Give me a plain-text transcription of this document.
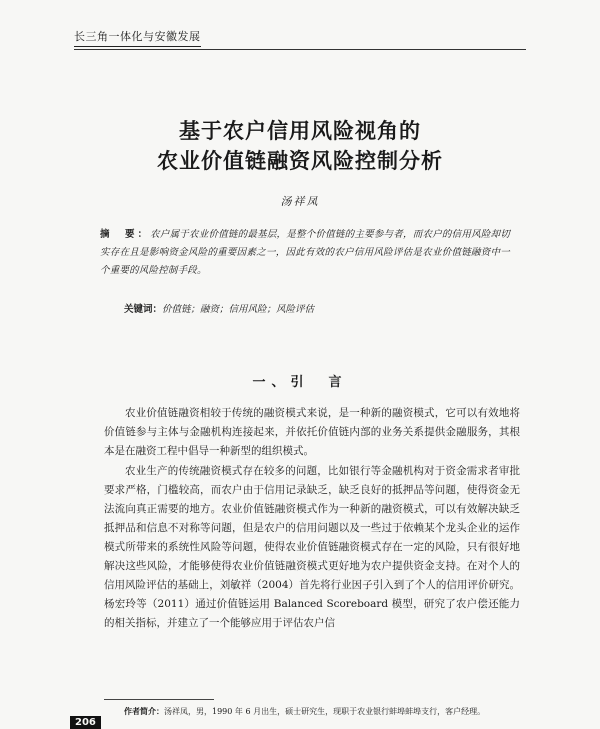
长三角一体化与安徽发展
基于农户信用风险视角的
农业价值链融资风险控制分析
汤祥凤
摘　要：农户属于农业价值链的最基层，是整个价值链的主要参与者，而农户的信用风险却切实存在且是影响资金风险的重要因素之一，因此有效的农户信用风险评估是农业价值链融资中一个重要的风险控制手段。
关键词：价值链；融资；信用风险；风险评估
一、引　言

农业价值链融资相较于传统的融资模式来说，是一种新的融资模式，它可以有效地将价值链参与主体与金融机构连接起来，并依托价值链内部的业务关系提供金融服务，其根本是在融资工程中倡导一种新型的组织模式。

农业生产的传统融资模式存在较多的问题，比如银行等金融机构对于资金需求者审批要求严格，门槛较高，而农户由于信用记录缺乏，缺乏良好的抵押品等问题，使得资金无法流向真正需要的地方。农业价值链融资模式作为一种新的融资模式，可以有效解决缺乏抵押品和信息不对称等问题，但是农户的信用问题以及一些过于依赖某个龙头企业的运作模式所带来的系统性风险等问题，使得农业价值链融资模式存在一定的风险，只有很好地解决这些风险，才能够使得农业价值链融资模式更好地为农户提供资金支持。在对个人的信用风险评估的基础上，刘敏祥（2004）首先将行业因子引入到了个人的信用评价研究。杨宏玲等（2011）通过价值链运用 Balanced Scoreboard 模型，研究了农户偿还能力的相关指标，并建立了一个能够应用于评估农户信

作者简介：汤祥凤，男，1990 年 6 月出生，硕士研究生，现职于农业银行蚌埠蚌埠支行，客户经理。
206
